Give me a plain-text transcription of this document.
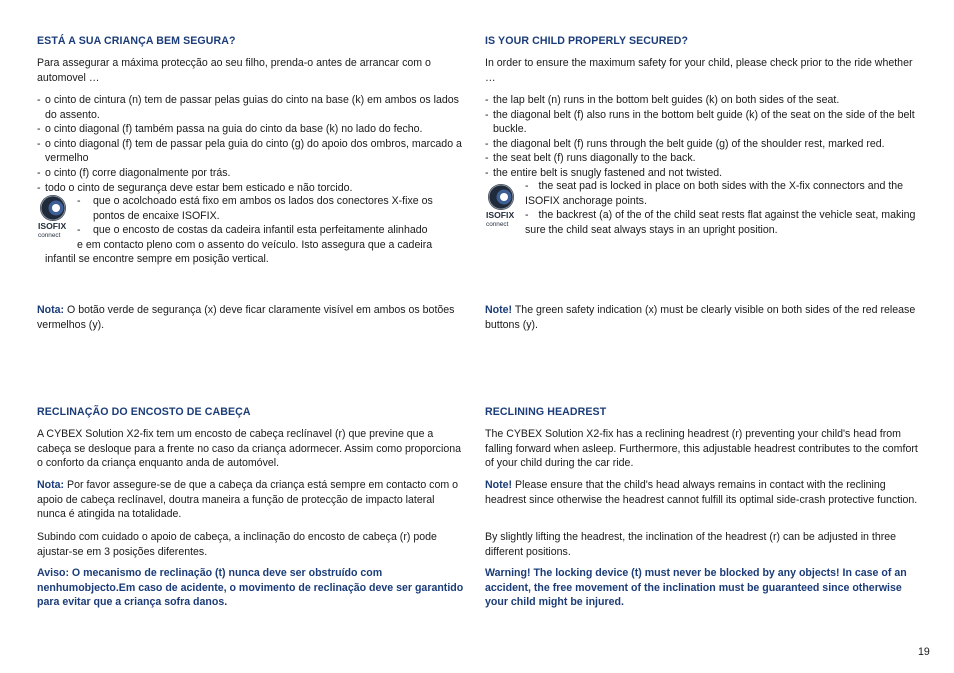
ESTÁ A SUA CRIANÇA BEM SEGURA?

Para assegurar a máxima protecção ao seu filho, prenda-o antes de arrancar com o automovel …

- o cinto de cintura (n) tem de passar pelas guias do cinto na base (k) em ambos os lados do assento.
- o cinto diagonal (f) também passa na guia do cinto da base (k) no lado do fecho.
- o cinto diagonal (f) tem de passar pela guia do cinto (g) do apoio dos ombros, marcado a vermelho
- o cinto (f) corre diagonalmente por trás.
- todo o cinto de segurança deve estar bem esticado e não torcido.
ISOFIX
connect
- que o acolchoado está fixo em ambos os lados dos conectores X-fixe os pontos de encaixe ISOFIX.
- que o encosto de costas da cadeira infantil esta perfeitamente alinhado

e em contacto pleno com o assento do veículo. Isto assegura que a cadeira infantil se encontre sempre em posição vertical.

Nota: O botão verde de segurança (x) deve ficar claramente visível em ambos os botões vermelhos (y).

RECLINAÇÃO DO ENCOSTO DE CABEÇA

A CYBEX Solution X2-fix tem um encosto de cabeça reclínavel (r) que previne que a cabeça se desloque para a frente no caso da criança adormecer. Assim como proporciona o conforto da criança enquanto anda de automóvel.

Nota: Por favor assegure-se de que a cabeça da criança está sempre em contacto com o apoio de cabeça reclínavel, doutra maneira a função de protecção de impacto lateral nunca é atingida na totalidade.

Subindo com cuidado o apoio de cabeça, a inclinação do encosto de cabeça (r) pode ajustar-se em 3 posições diferentes.

Aviso: O mecanismo de reclinação (t) nunca deve ser obstruído com nenhumobjecto.Em caso de acidente, o movimento de reclinação deve ser garantido para evitar que a criança sofra danos.

IS YOUR CHILD PROPERLY SECURED?

In order to ensure the maximum safety for your child, please check prior to the ride whether …

- the lap belt (n) runs in the bottom belt guides (k) on both sides of the seat.
- the diagonal belt (f) also runs in the bottom belt guide (k) of the seat on the side of the belt buckle.
- the diagonal belt (f) runs through the belt guide (g) of the shoulder rest, marked red.
- the seat belt (f) runs diagonally to the back.
- the entire belt is snugly fastened and not twisted.
ISOFIX
connect
- the seat pad is locked in place on both sides with the X-fix connectors and the ISOFIX anchorage points.
- the backrest (a) of the of the child seat rests flat against the vehicle seat, making sure the child seat always stays in an upright position.

Note! The green safety indication (x) must be clearly visible on both sides of the red release buttons (y).

RECLINING HEADREST

The CYBEX Solution X2-fix has a reclining headrest (r) preventing your child's head from falling forward when asleep. Furthermore, this adjustable headrest contributes to the comfort of your child during the car ride.

Note! Please ensure that the child's head always remains in contact with the reclining headrest since otherwise the headrest cannot fulfill its optimal side-crash protective function.

By slightly lifting the headrest, the inclination of the headrest (r) can be adjusted in three different positions.

Warning! The locking device (t) must never be blocked by any objects! In case of an accident, the free movement of the inclination must be guaranteed since otherwise your child might be injured.

19
